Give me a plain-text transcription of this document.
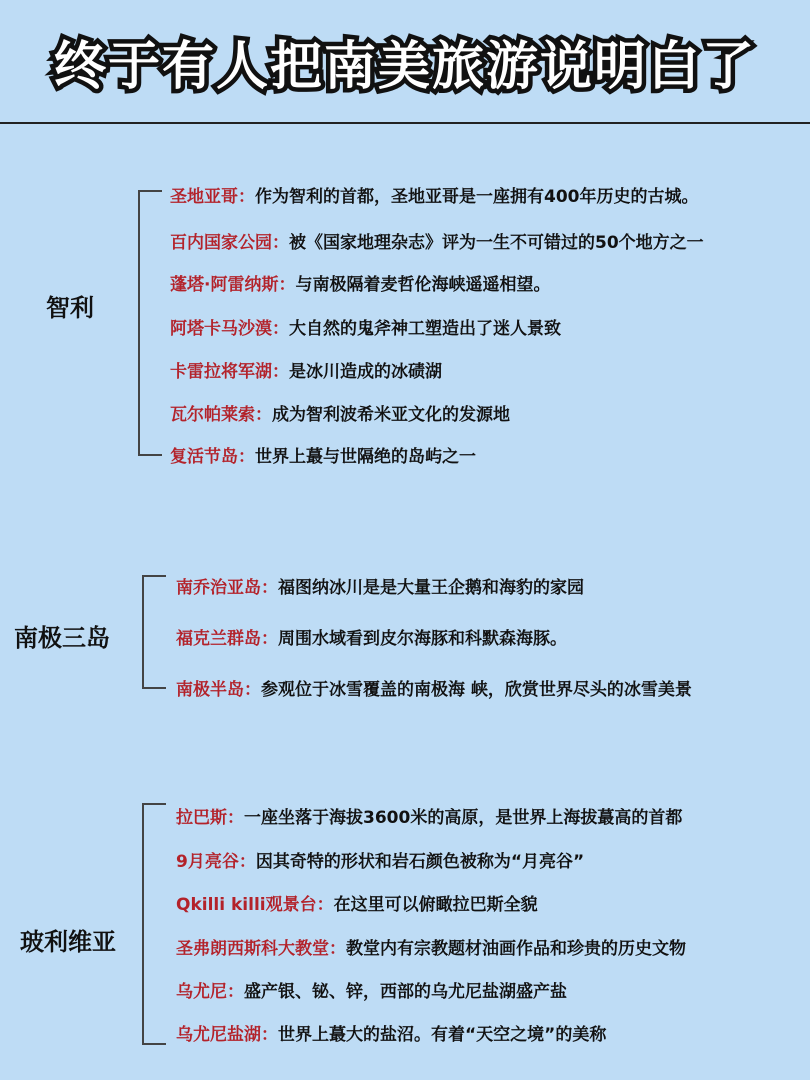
终于有人把南美旅游说明白了
智利
圣地亚哥：作为智利的首都，圣地亚哥是一座拥有400年历史的古城。
百内国家公园：被《国家地理杂志》评为一生不可错过的50个地方之一
蓬塔·阿雷纳斯：与南极隔着麦哲伦海峡遥遥相望。
阿塔卡马沙漠：大自然的鬼斧神工塑造出了迷人景致
卡雷拉将军湖：是冰川造成的冰碛湖
瓦尔帕莱索：成为智利波希米亚文化的发源地
复活节岛：世界上蕞与世隔绝的岛屿之一
南极三岛
南乔治亚岛：福图纳冰川是是大量王企鹅和海豹的家园
福克兰群岛：周围水域看到皮尔海豚和科默森海豚。
南极半岛：参观位于冰雪覆盖的南极海 峡，欣赏世界尽头的冰雪美景
玻利维亚
拉巴斯：一座坐落于海拔3600米的高原，是世界上海拔蕞高的首都
9月亮谷：因其奇特的形状和岩石颜色被称为“月亮谷”
Qkilli killi观景台：在这里可以俯瞰拉巴斯全貌
圣弗朗西斯科大教堂：教堂内有宗教题材油画作品和珍贵的历史文物
乌尤尼：盛产银、铋、锌，西部的乌尤尼盐湖盛产盐
乌尤尼盐湖：世界上蕞大的盐沼。有着“天空之境”的美称
